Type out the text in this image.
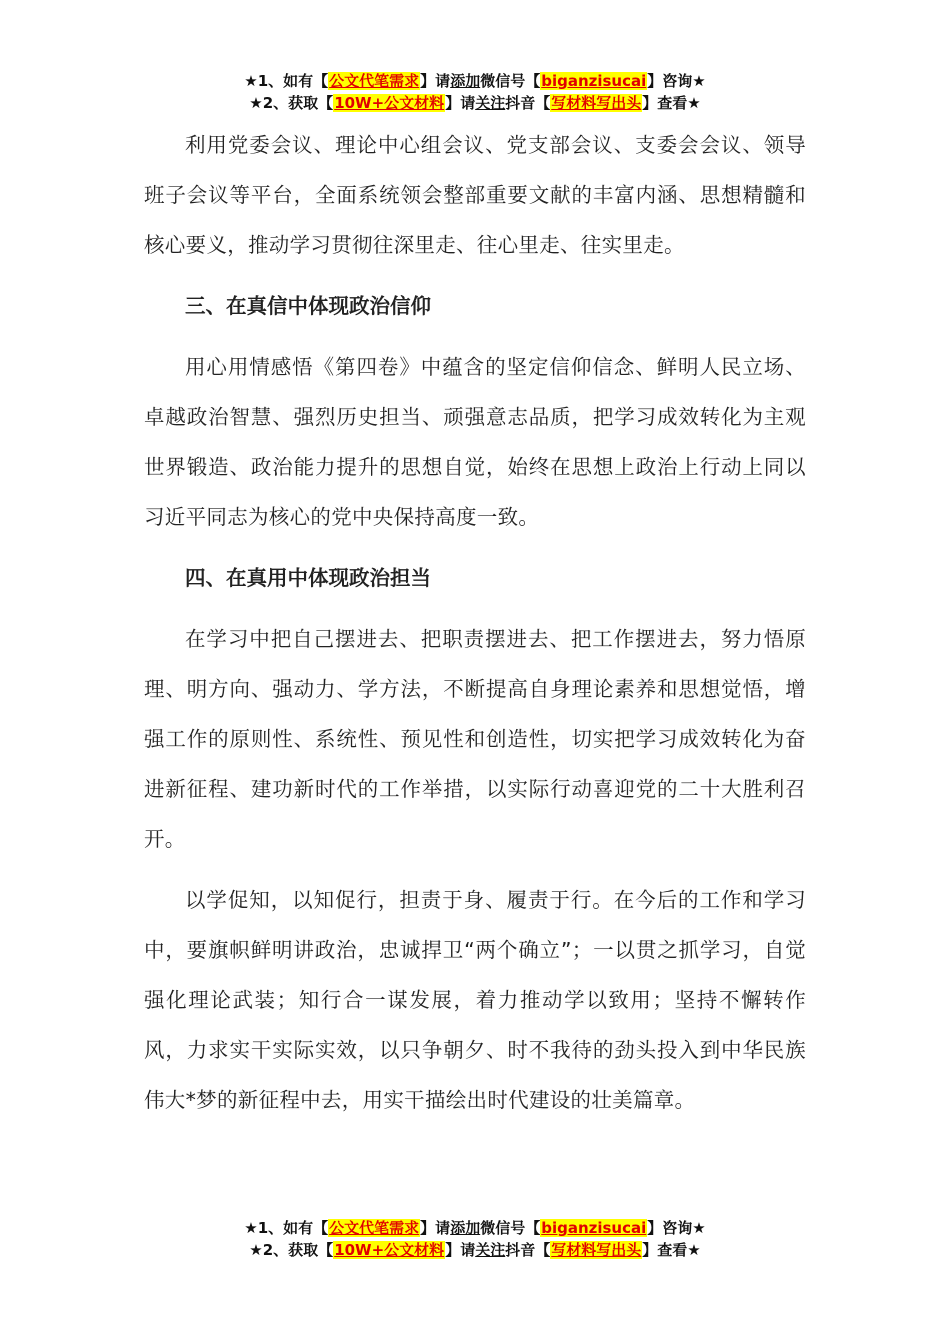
★1、如有【公文代笔需求】请添加微信号【biganzisucai】咨询★
★2、获取【10W+公文材料】请关注抖音【写材料写出头】查看★

利用党委会议、理论中心组会议、党支部会议、支委会会议、领导班子会议等平台，全面系统领会整部重要文献的丰富内涵、思想精髓和核心要义，推动学习贯彻往深里走、往心里走、往实里走。

三、在真信中体现政治信仰

用心用情感悟《第四卷》中蕴含的坚定信仰信念、鲜明人民立场、卓越政治智慧、强烈历史担当、顽强意志品质，把学习成效转化为主观世界锻造、政治能力提升的思想自觉，始终在思想上政治上行动上同以习近平同志为核心的党中央保持高度一致。

四、在真用中体现政治担当

在学习中把自己摆进去、把职责摆进去、把工作摆进去，努力悟原理、明方向、强动力、学方法，不断提高自身理论素养和思想觉悟，增强工作的原则性、系统性、预见性和创造性，切实把学习成效转化为奋进新征程、建功新时代的工作举措，以实际行动喜迎党的二十大胜利召开。

以学促知，以知促行，担责于身、履责于行。在今后的工作和学习中，要旗帜鲜明讲政治，忠诚捍卫“两个确立”；一以贯之抓学习，自觉强化理论武装；知行合一谋发展，着力推动学以致用；坚持不懈转作风，力求实干实际实效，以只争朝夕、时不我待的劲头投入到中华民族伟大*梦的新征程中去，用实干描绘出时代建设的壮美篇章。

★1、如有【公文代笔需求】请添加微信号【biganzisucai】咨询★
★2、获取【10W+公文材料】请关注抖音【写材料写出头】查看★
